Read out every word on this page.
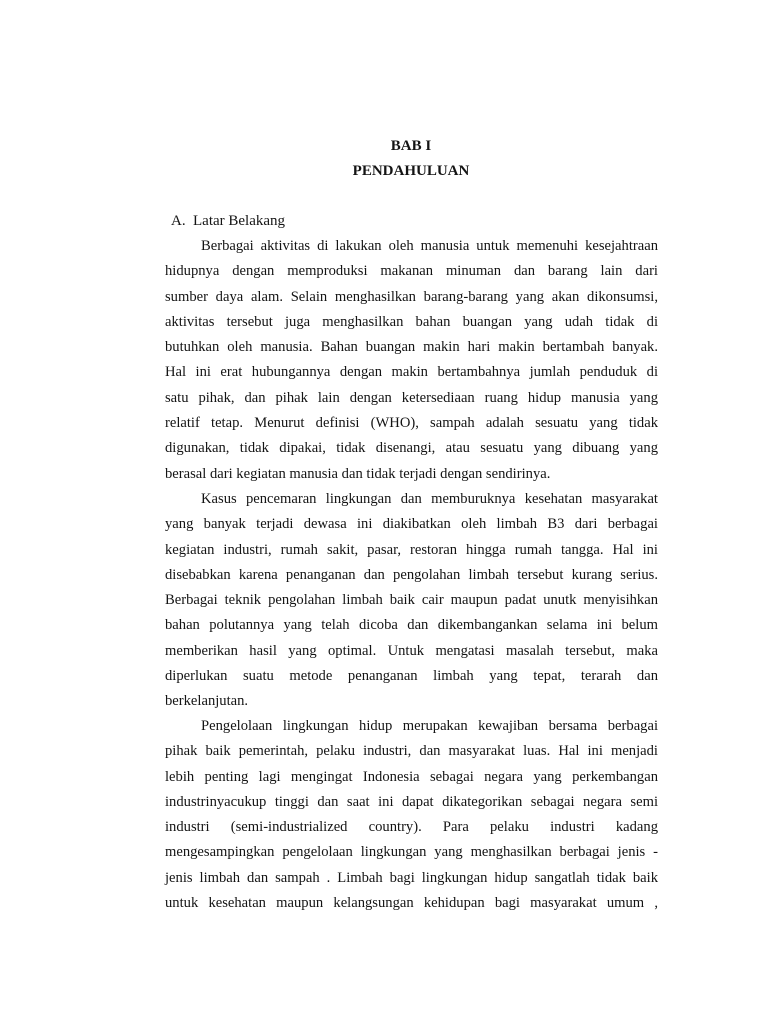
BAB I
PENDAHULUAN
A. Latar Belakang

Berbagai aktivitas di lakukan oleh manusia untuk memenuhi kesejahtraan
hidupnya dengan memproduksi makanan minuman dan barang lain dari
sumber daya alam. Selain menghasilkan barang-barang yang akan dikonsumsi,
aktivitas tersebut juga menghasilkan bahan buangan yang udah tidak di
butuhkan oleh manusia. Bahan buangan makin hari makin bertambah banyak.
Hal ini erat hubungannya dengan makin bertambahnya jumlah penduduk di
satu pihak, dan pihak lain dengan ketersediaan ruang hidup manusia yang
relatif tetap. Menurut definisi (WHO), sampah adalah sesuatu yang tidak
digunakan, tidak dipakai, tidak disenangi, atau sesuatu yang dibuang yang
berasal dari kegiatan manusia dan tidak terjadi dengan sendirinya.

Kasus pencemaran lingkungan dan memburuknya kesehatan masyarakat
yang banyak terjadi dewasa ini diakibatkan oleh limbah B3 dari berbagai
kegiatan industri, rumah sakit, pasar, restoran hingga rumah tangga. Hal ini
disebabkan karena penanganan dan pengolahan limbah tersebut kurang serius.
Berbagai teknik pengolahan limbah baik cair maupun padat unutk menyisihkan
bahan polutannya yang telah dicoba dan dikembangankan selama ini belum
memberikan hasil yang optimal. Untuk mengatasi masalah tersebut, maka
diperlukan suatu metode penanganan limbah yang tepat, terarah dan
berkelanjutan.

Pengelolaan lingkungan hidup merupakan kewajiban bersama berbagai
pihak baik pemerintah, pelaku industri, dan masyarakat luas. Hal ini menjadi
lebih penting lagi mengingat Indonesia sebagai negara yang perkembangan
industrinyacukup tinggi dan saat ini dapat dikategorikan sebagai negara semi
industri (semi-industrialized country). Para pelaku industri kadang
mengesampingkan pengelolaan lingkungan yang menghasilkan berbagai jenis -
jenis limbah dan sampah . Limbah bagi lingkungan hidup sangatlah tidak baik
untuk kesehatan maupun kelangsungan kehidupan bagi masyarakat umum ,
